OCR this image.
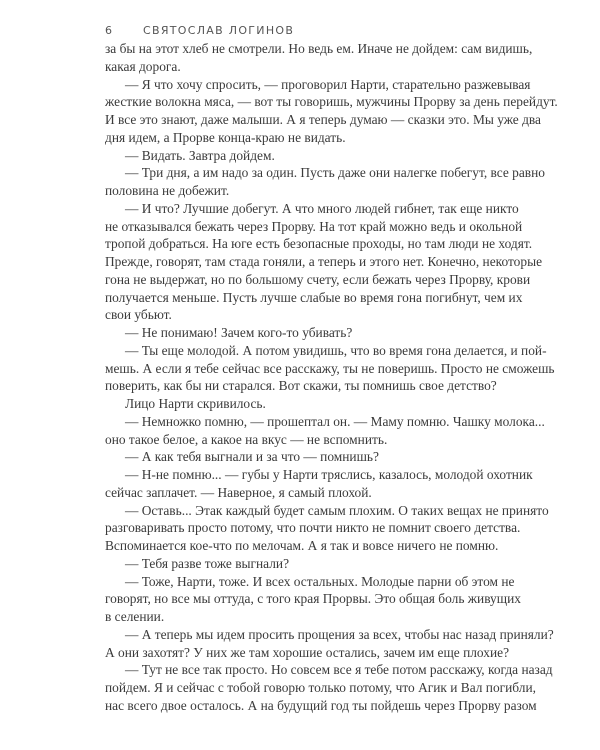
6	СВЯТОСЛАВ ЛОГИНОВ
за бы на этот хлеб не смотрели. Но ведь ем. Иначе не дойдем: сам видишь,
какая дорога.
— Я что хочу спросить, — проговорил Нарти, старательно разжевывая
жесткие волокна мяса, — вот ты говоришь, мужчины Прорву за день перейдут.
И все это знают, даже малыши. А я теперь думаю — сказки это. Мы уже два
дня идем, а Прорве конца-краю не видать.
— Видать. Завтра дойдем.
— Три дня, а им надо за один. Пусть даже они налегке побегут, все равно
половина не добежит.
— И что? Лучшие добегут. А что много людей гибнет, так еще никто
не отказывался бежать через Прорву. На тот край можно ведь и окольной
тропой добраться. На юге есть безопасные проходы, но там люди не ходят.
Прежде, говорят, там стада гоняли, а теперь и этого нет. Конечно, некоторые
гона не выдержат, но по большому счету, если бежать через Прорву, крови
получается меньше. Пусть лучше слабые во время гона погибнут, чем их
свои убьют.
— Не понимаю! Зачем кого-то убивать?
— Ты еще молодой. А потом увидишь, что во время гона делается, и пой-
мешь. А если я тебе сейчас все расскажу, ты не поверишь. Просто не сможешь
поверить, как бы ни старался. Вот скажи, ты помнишь свое детство?
Лицо Нарти скривилось.
— Немножко помню, — прошептал он. — Маму помню. Чашку молока...
оно такое белое, а какое на вкус — не вспомнить.
— А как тебя выгнали и за что — помнишь?
— Н-не помню... — губы у Нарти тряслись, казалось, молодой охотник
сейчас заплачет. — Наверное, я самый плохой.
— Оставь... Этак каждый будет самым плохим. О таких вещах не принято
разговаривать просто потому, что почти никто не помнит своего детства.
Вспоминается кое-что по мелочам. А я так и вовсе ничего не помню.
— Тебя разве тоже выгнали?
— Тоже, Нарти, тоже. И всех остальных. Молодые парни об этом не
говорят, но все мы оттуда, с того края Прорвы. Это общая боль живущих
в селении.
— А теперь мы идем просить прощения за всех, чтобы нас назад приняли?
А они захотят? У них же там хорошие остались, зачем им еще плохие?
— Тут не все так просто. Но совсем все я тебе потом расскажу, когда назад
пойдем. Я и сейчас с тобой говорю только потому, что Агик и Вал погибли,
нас всего двое осталось. А на будущий год ты пойдешь через Прорву разом
